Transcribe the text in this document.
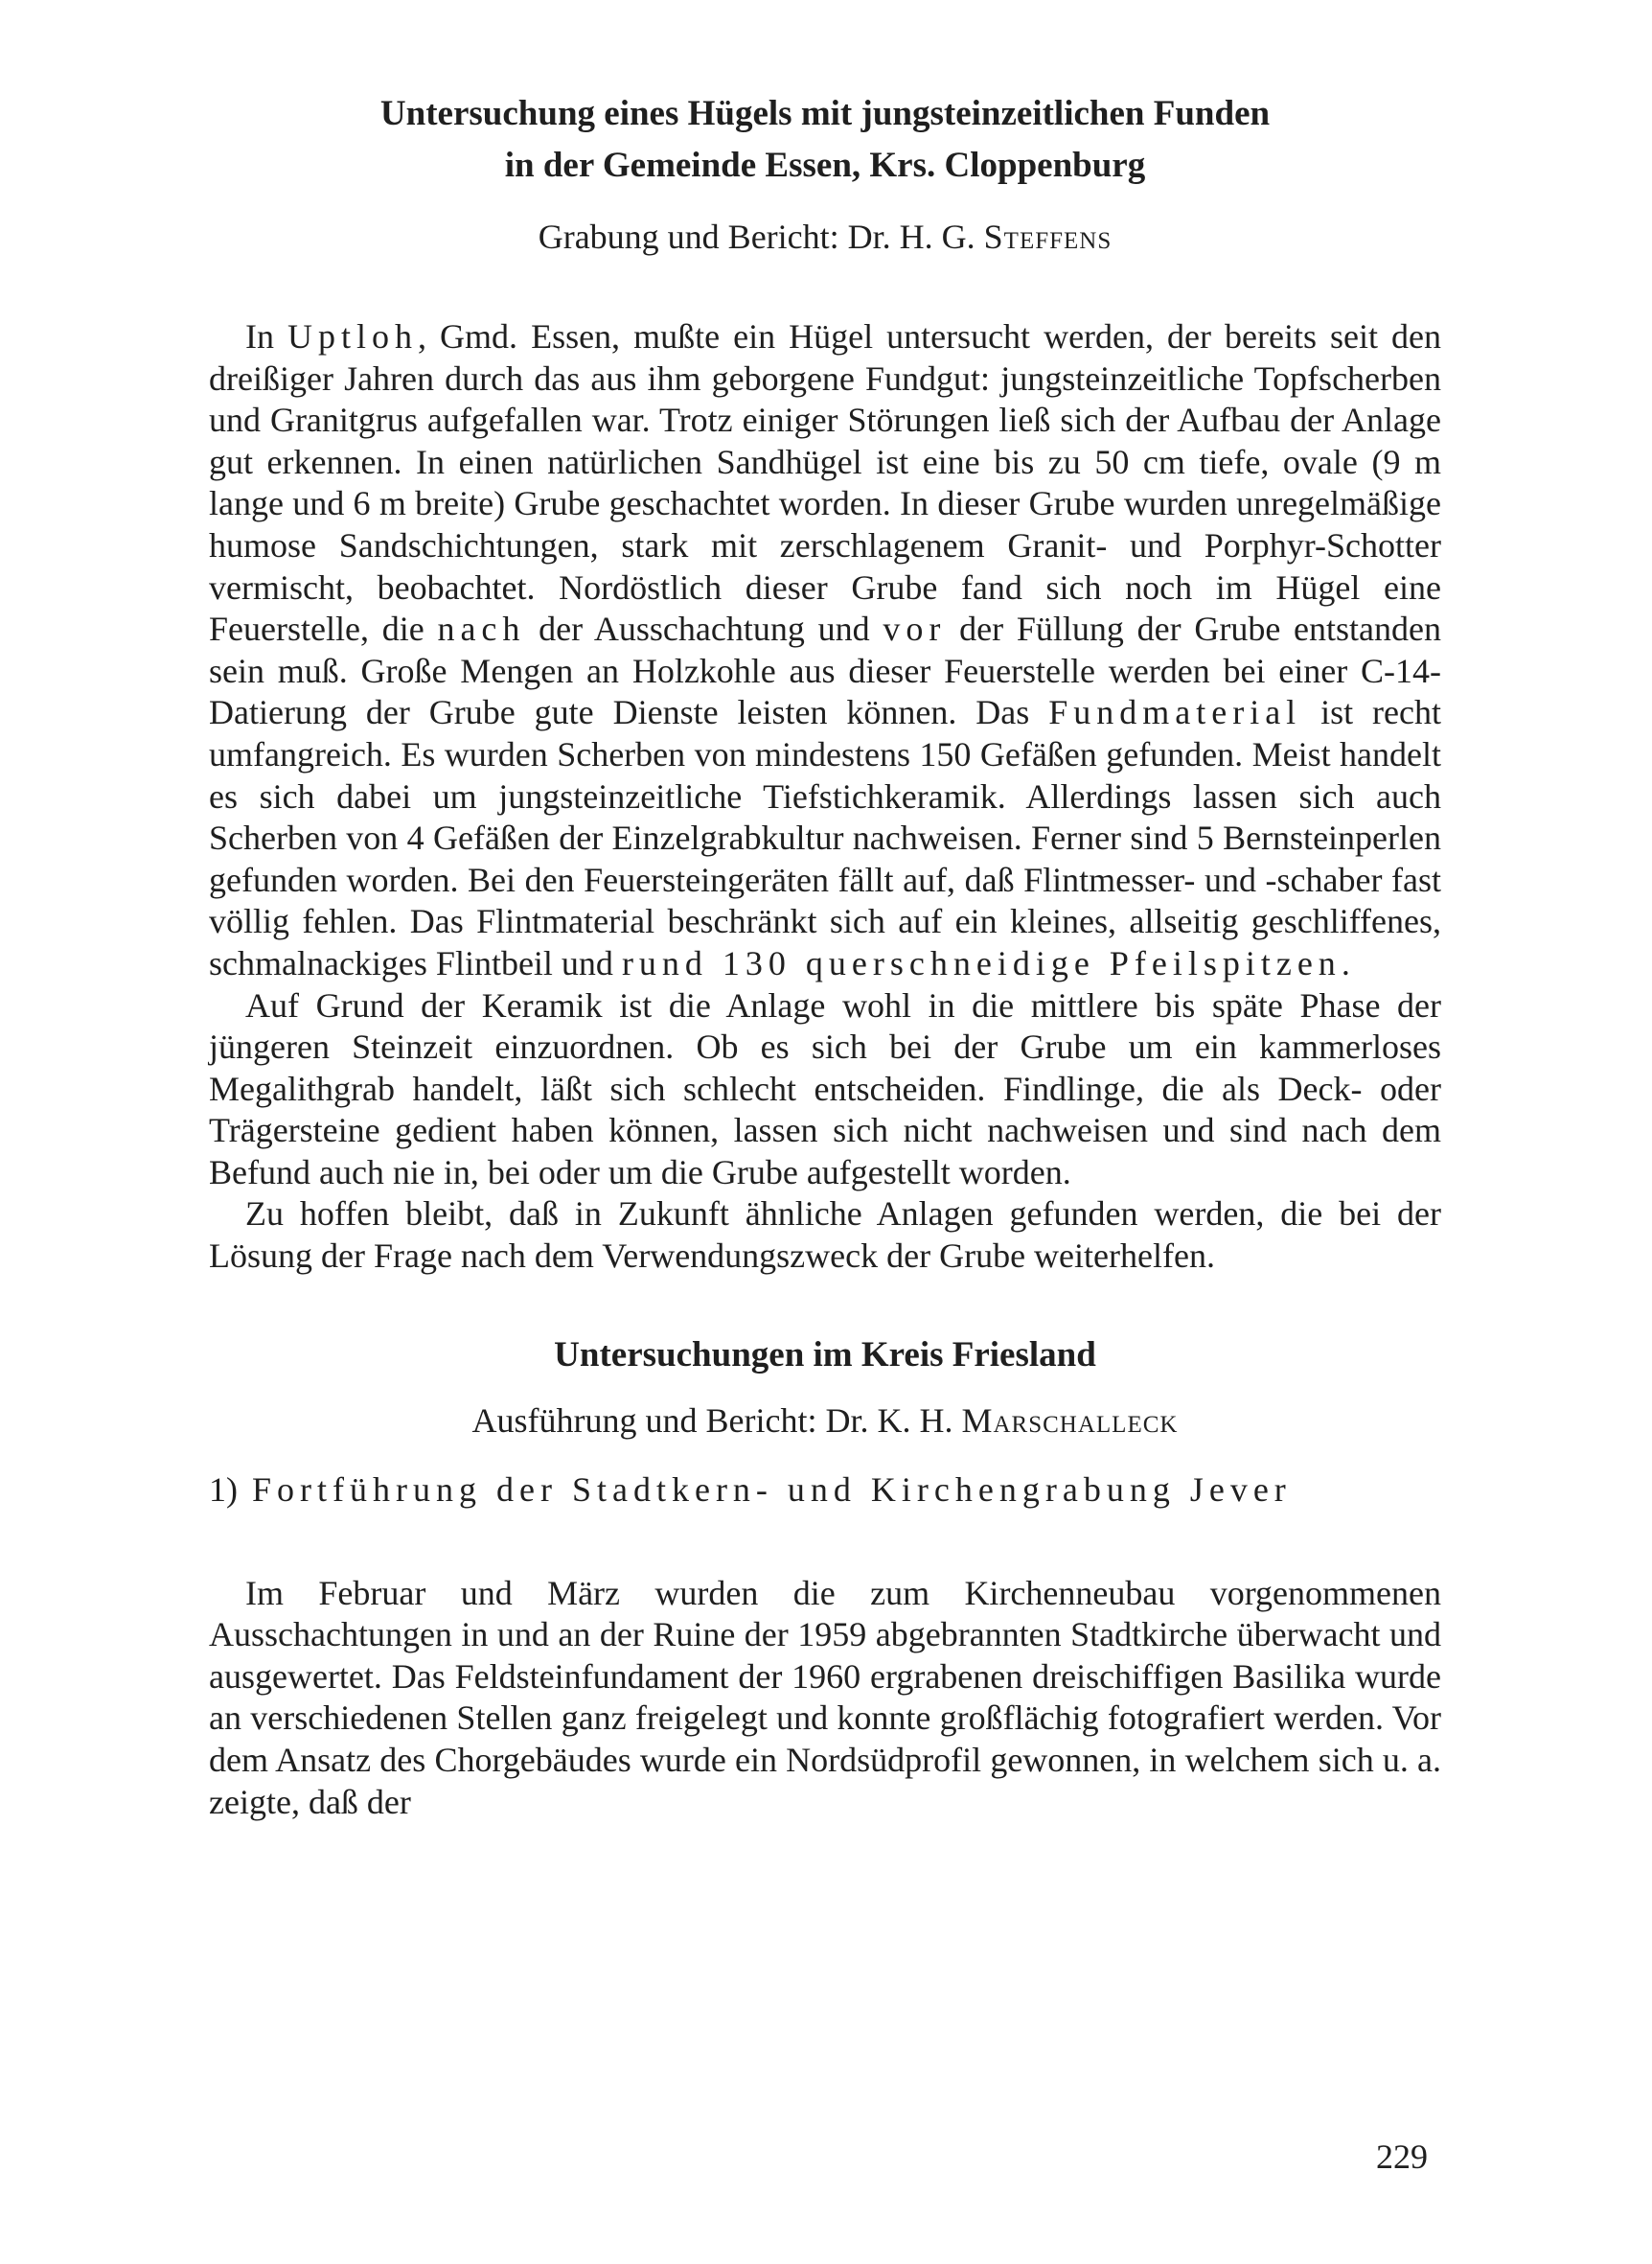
Untersuchung eines Hügels mit jungsteinzeitlichen Funden
in der Gemeinde Essen, Krs. Cloppenburg

Grabung und Bericht: Dr. H. G. Steffens

In Uptloh, Gmd. Essen, mußte ein Hügel untersucht werden, der bereits seit den dreißiger Jahren durch das aus ihm geborgene Fundgut: jungsteinzeitliche Topfscherben und Granitgrus aufgefallen war. Trotz einiger Störungen ließ sich der Aufbau der Anlage gut erkennen. In einen natürlichen Sandhügel ist eine bis zu 50 cm tiefe, ovale (9 m lange und 6 m breite) Grube geschachtet worden. In dieser Grube wurden unregelmäßige humose Sandschichtungen, stark mit zerschlagenem Granit- und Porphyr-Schotter vermischt, beobachtet. Nordöstlich dieser Grube fand sich noch im Hügel eine Feuerstelle, die nach der Ausschachtung und vor der Füllung der Grube entstanden sein muß. Große Mengen an Holzkohle aus dieser Feuerstelle werden bei einer C-14-Datierung der Grube gute Dienste leisten können. Das Fundmaterial ist recht umfangreich. Es wurden Scherben von mindestens 150 Gefäßen gefunden. Meist handelt es sich dabei um jungsteinzeitliche Tiefstichkeramik. Allerdings lassen sich auch Scherben von 4 Gefäßen der Einzelgrabkultur nachweisen. Ferner sind 5 Bernsteinperlen gefunden worden. Bei den Feuersteingeräten fällt auf, daß Flintmesser- und -schaber fast völlig fehlen. Das Flintmaterial beschränkt sich auf ein kleines, allseitig geschliffenes, schmalnackiges Flintbeil und rund 130 querschneidige Pfeilspitzen.

Auf Grund der Keramik ist die Anlage wohl in die mittlere bis späte Phase der jüngeren Steinzeit einzuordnen. Ob es sich bei der Grube um ein kammerloses Megalithgrab handelt, läßt sich schlecht entscheiden. Findlinge, die als Deck- oder Trägersteine gedient haben können, lassen sich nicht nachweisen und sind nach dem Befund auch nie in, bei oder um die Grube aufgestellt worden.

Zu hoffen bleibt, daß in Zukunft ähnliche Anlagen gefunden werden, die bei der Lösung der Frage nach dem Verwendungszweck der Grube weiterhelfen.

Untersuchungen im Kreis Friesland

Ausführung und Bericht: Dr. K. H. Marschalleck

1) Fortführung der Stadtkern- und Kirchengrabung Jever

Im Februar und März wurden die zum Kirchenneubau vorgenommenen Ausschachtungen in und an der Ruine der 1959 abgebrannten Stadtkirche überwacht und ausgewertet. Das Feldsteinfundament der 1960 ergrabenen dreischiffigen Basilika wurde an verschiedenen Stellen ganz freigelegt und konnte großflächig fotografiert werden. Vor dem Ansatz des Chorgebäudes wurde ein Nordsüdprofil gewonnen, in welchem sich u. a. zeigte, daß der

229
